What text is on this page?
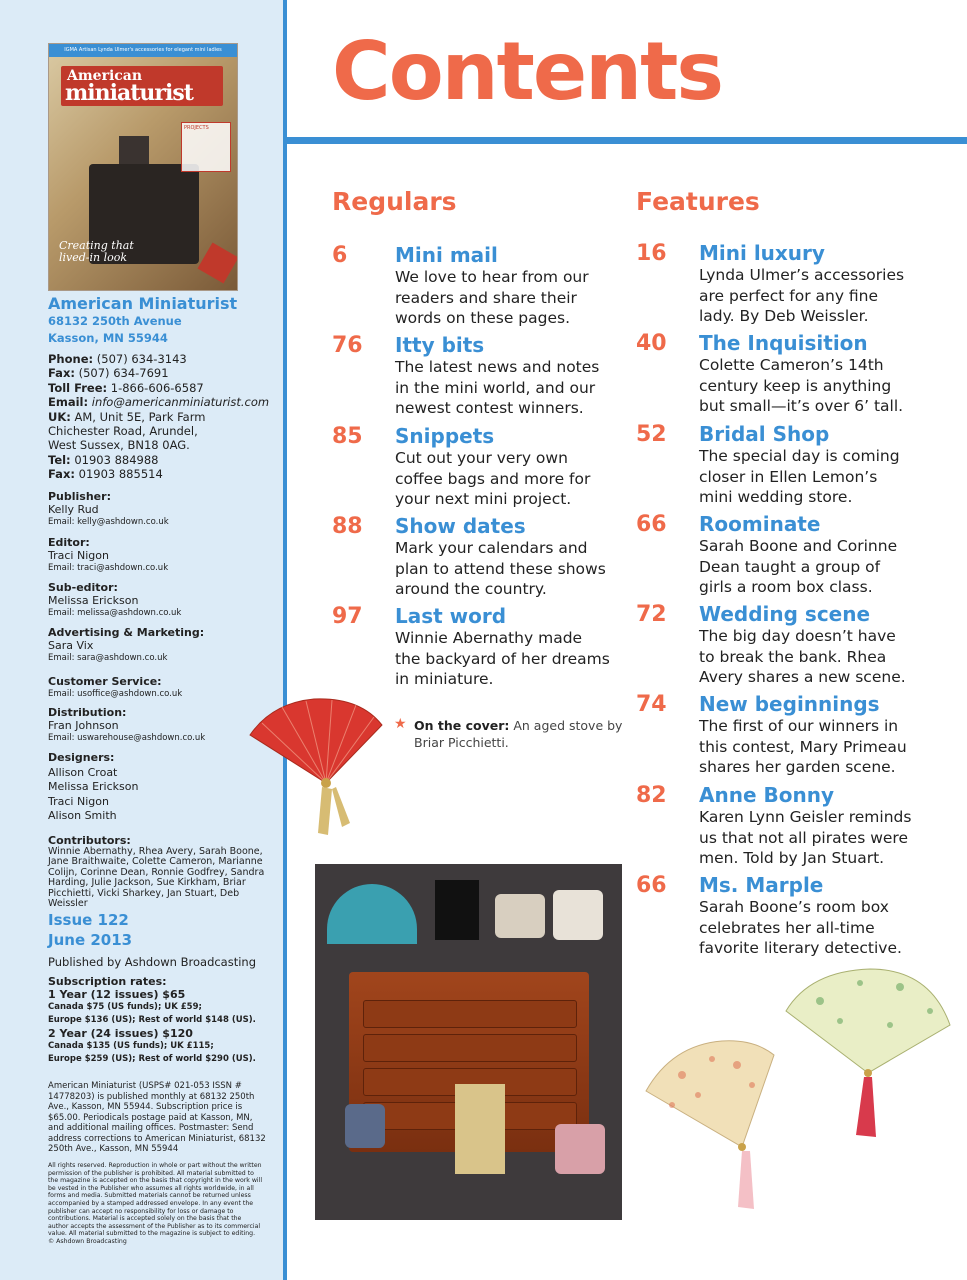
IGMA Artisan Lynda Ulmer's accessories for elegant mini ladies
American
miniaturist
PROJECTS
Creating that lived-in look
American Miniaturist
68132 250th Avenue
Kasson, MN 55944
Phone: (507) 634-3143
Fax: (507) 634-7691
Toll Free: 1-866-606-6587
Email: info@americanminiaturist.com
UK: AM, Unit 5E, Park Farm
Chichester Road, Arundel,
West Sussex, BN18 0AG.
Tel: 01903 884988
Fax: 01903 885514
Publisher:
Kelly Rud
Email: kelly@ashdown.co.uk
Editor:
Traci Nigon
Email: traci@ashdown.co.uk
Sub-editor:
Melissa Erickson
Email: melissa@ashdown.co.uk
Advertising & Marketing:
Sara Vix
Email: sara@ashdown.co.uk
Customer Service:
Email: usoffice@ashdown.co.uk
Distribution:
Fran Johnson
Email: uswarehouse@ashdown.co.uk
Designers:
Allison Croat
Melissa Erickson
Traci Nigon
Alison Smith
Contributors:
Winnie Abernathy, Rhea Avery, Sarah Boone, Jane Braithwaite, Colette Cameron, Marianne Colijn, Corinne Dean, Ronnie Godfrey, Sandra Harding, Julie Jackson, Sue Kirkham, Briar Picchietti, Vicki Sharkey, Jan Stuart, Deb Weissler
Issue 122
June 2013
Published by Ashdown Broadcasting
Subscription rates:
1 Year (12 issues) $65
Canada $75 (US funds); UK £59;
Europe $136 (US); Rest of world $148 (US).
2 Year (24 issues) $120
Canada $135 (US funds); UK £115;
Europe $259 (US); Rest of world $290 (US).
American Miniaturist (USPS# 021-053 ISSN # 14778203) is published monthly at 68132 250th Ave., Kasson, MN 55944. Subscription price is $65.00. Periodicals postage paid at Kasson, MN, and additional mailing offices. Postmaster: Send address corrections to American Miniaturist, 68132 250th Ave., Kasson, MN 55944
All rights reserved. Reproduction in whole or part without the written permission of the publisher is prohibited. All material submitted to the magazine is accepted on the basis that copyright in the work will be vested in the Publisher who assumes all rights worldwide, in all forms and media. Submitted materials cannot be returned unless accompanied by a stamped addressed envelope. In any event the publisher can accept no responsibility for loss or damage to contributions. Material is accepted solely on the basis that the author accepts the assessment of the Publisher as to its commercial value. All material submitted to the magazine is subject to editing. © Ashdown Broadcasting
Contents
Regulars	Features
6 Mini mail
We love to hear from our readers and share their words on these pages.
76 Itty bits
The latest news and notes in the mini world, and our newest contest winners.
85 Snippets
Cut out your very own coffee bags and more for your next mini project.
88 Show dates
Mark your calendars and plan to attend these shows around the country.
97 Last word
Winnie Abernathy made the backyard of her dreams in miniature.
★ On the cover: An aged stove by Briar Picchietti.
16 Mini luxury
Lynda Ulmer’s accessories are perfect for any fine lady. By Deb Weissler.
40 The Inquisition
Colette Cameron’s 14th century keep is anything but small—it’s over 6’ tall.
52 Bridal Shop
The special day is coming closer in Ellen Lemon’s mini wedding store.
66 Roominate
Sarah Boone and Corinne Dean taught a group of girls a room box class.
72 Wedding scene
The big day doesn’t have to break the bank. Rhea Avery shares a new scene.
74 New beginnings
The first of our winners in this contest, Mary Primeau shares her garden scene.
82 Anne Bonny
Karen Lynn Geisler reminds us that not all pirates were men. Told by Jan Stuart.
66 Ms. Marple
Sarah Boone’s room box celebrates her all-time favorite literary detective.
